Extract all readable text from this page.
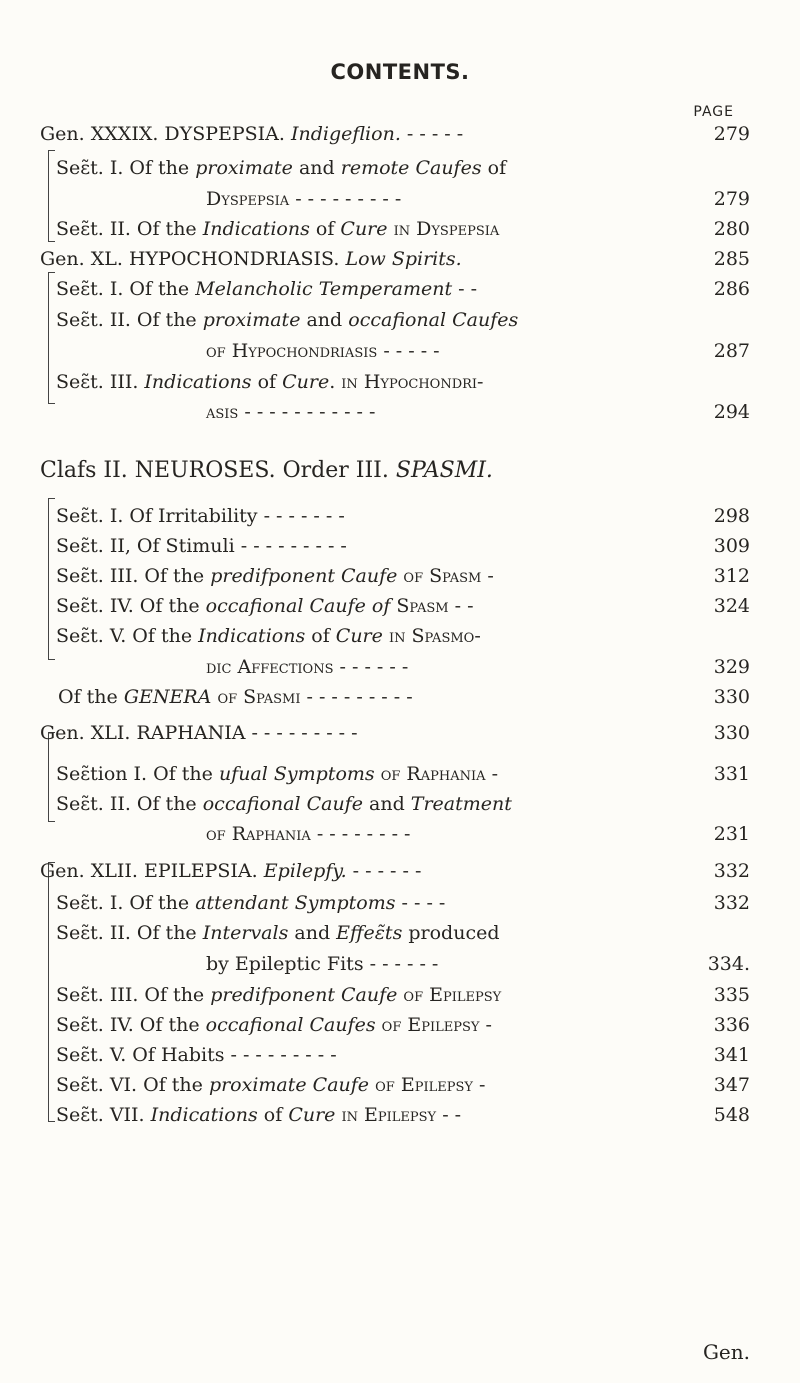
CONTENTS.
PAGE
Gen. XXXIX. DYSPEPSIA. Indigeflion. - - - - -	279
Seɛ̃t. I. Of the proximate and remote Caufes of
Dyspepsia - - - - - - - - -	279
Seɛ̃t. II. Of the Indications of Cure in Dyspepsia	280
Gen. XL. HYPOCHONDRIASIS. Low Spirits.	285
Seɛ̃t. I. Of the Melancholic Temperament - -	286
Seɛ̃t. II. Of the proximate and occafional Caufes
of Hypochondriasis - - - - -	287
Seɛ̃t. III. Indications of Cure. in Hypochondri-
asis - - - - - - - - - - -	294
Clafs II. NEUROSES. Order III. SPASMI.
Seɛ̃t. I. Of Irritability - - - - - - -	298
Seɛ̃t. II, Of Stimuli - - - - - - - - -	309
Seɛ̃t. III. Of the predifponent Caufe of Spasm -	312
Seɛ̃t. IV. Of the occafional Caufe of Spasm - -	324
Seɛ̃t. V. Of the Indications of Cure in Spasmo-
dic Affections - - - - - -	329
Of the GENERA of Spasmi - - - - - - - - -	330
Gen. XLI. RAPHANIA - - - - - - - - -	330
Seɛ̃tion I. Of the ufual Symptoms of Raphania -	331
Seɛ̃t. II. Of the occafional Caufe and Treatment
of Raphania - - - - - - - -	231
Gen. XLII. EPILEPSIA. Epilepfy. - - - - - -	332
Seɛ̃t. I. Of the attendant Symptoms - - - -	332
Seɛ̃t. II. Of the Intervals and Effeɛ̃ts produced
by Epileptic Fits - - - - - -	334.
Seɛ̃t. III. Of the predifponent Caufe of Epilepsy	335
Seɛ̃t. IV. Of the occafional Caufes of Epilepsy -	336
Seɛ̃t. V. Of Habits - - - - - - - - -	341
Seɛ̃t. VI. Of the proximate Caufe of Epilepsy -	347
Seɛ̃t. VII. Indications of Cure in Epilepsy - -	548
Gen.
